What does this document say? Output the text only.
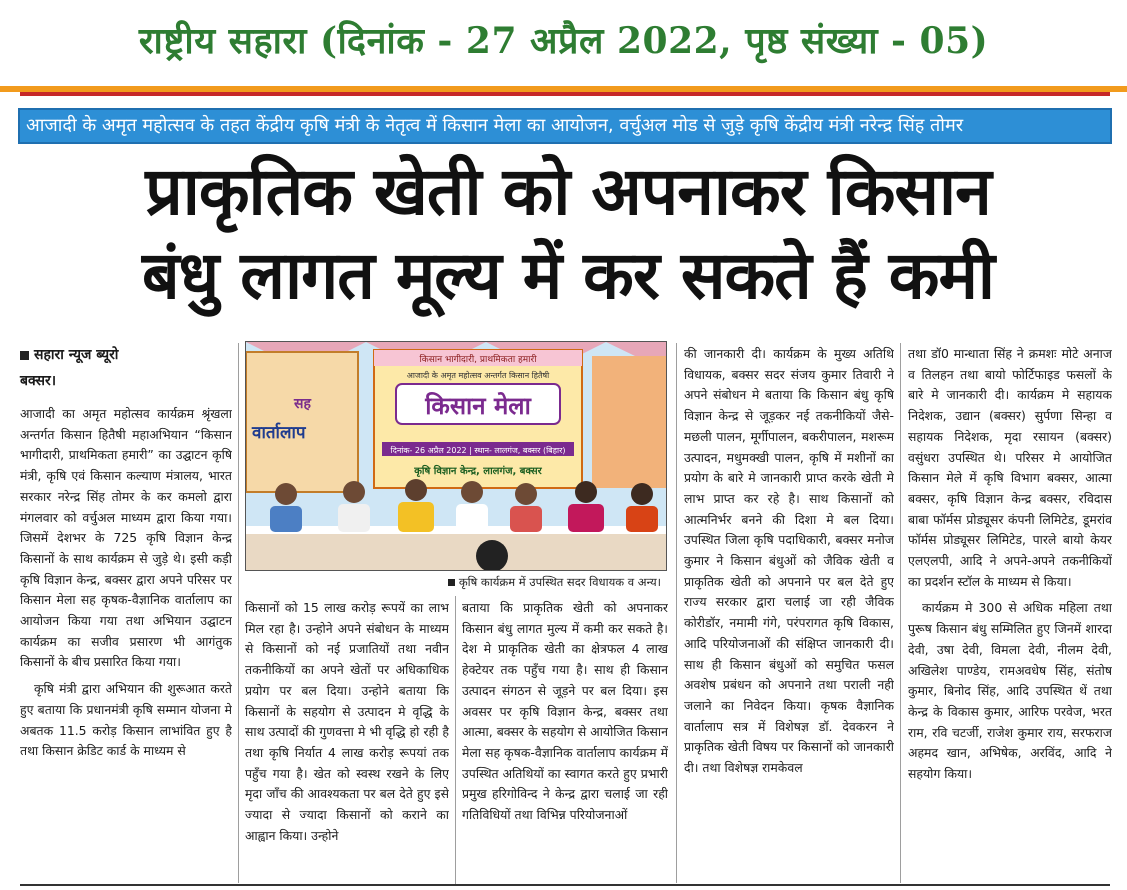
राष्ट्रीय सहारा (दिनांक - 27 अप्रैल 2022, पृष्ठ संख्या - 05)
आजादी के अमृत महोत्सव के तहत केंद्रीय कृषि मंत्री के नेतृत्व में किसान मेला का आयोजन, वर्चुअल मोड से जुड़े कृषि केंद्रीय मंत्री नरेन्द्र सिंह तोमर
प्राकृतिक खेती को अपनाकर किसान
बंधु लागत मूल्य में कर सकते हैं कमी
सहारा न्यूज ब्यूरो
बक्सर।

आजादी का अमृत महोत्सव कार्यक्रम श्रृंखला अन्तर्गत किसान हितैषी महाअभियान “किसान भागीदारी, प्राथमिकता हमारी” का उद्घाटन कृषि मंत्री, कृषि एवं किसान कल्याण मंत्रालय, भारत सरकार नरेन्द्र सिंह तोमर के कर कमलो द्वारा मंगलवार को वर्चुअल माध्यम द्वारा किया गया। जिसमें देशभर के 725 कृषि विज्ञान केन्द्र किसानों के साथ कार्यक्रम से जुड़े थे। इसी कड़ी कृषि विज्ञान केन्द्र, बक्सर द्वारा अपने परिसर पर किसान मेला सह कृषक-वैज्ञानिक वार्तालाप का आयोजन किया गया तथा अभियान उद्घाटन कार्यक्रम का सजीव प्रसारण भी आगंतुक किसानों के बीच प्रसारित किया गया।

कृषि मंत्री द्वारा अभियान की शुरूआत करते हुए बताया कि प्रधानमंत्री कृषि सम्मान योजना मे अबतक 11.5 करोड़ किसान लाभांवित हुए है तथा किसान क्रेडिट कार्ड के माध्यम से

सह
वार्तालाप
किसान भागीदारी, प्राथमिकता हमारी
आजादी के अमृत महोत्सव अन्तर्गत किसान हितैषी
किसान मेला
दिनांक- 26 अप्रैल 2022 | स्थान- लालगंज, बक्सर (बिहार)
कृषि विज्ञान केन्द्र, लालगंज, बक्सर
कृषि कार्यक्रम में उपस्थित सदर विधायक व अन्य।

किसानों को 15 लाख करोड़ रूपयें का लाभ मिल रहा है। उन्होने अपने संबोधन के माध्यम से किसानों को नई प्रजातियों तथा नवीन तकनीकियों का अपने खेतों पर अधिकाधिक प्रयोग पर बल दिया। उन्होने बताया कि किसानों के सहयोग से उत्पादन मे वृद्धि के साथ उत्पादों की गुणवत्ता मे भी वृद्धि हो रही है तथा कृषि निर्यात 4 लाख करोड़ रूपयां तक पहुँच गया है। खेत को स्वस्थ रखने के लिए मृदा जाँच की आवश्यकता पर बल देते हुए इसे ज्यादा से ज्यादा किसानों को कराने का आह्वान किया। उन्होने

बताया कि प्राकृतिक खेती को अपनाकर किसान बंधु लागत मुल्य में कमी कर सकते है। देश मे प्राकृतिक खेती का क्षेत्रफल 4 लाख हेक्टेयर तक पहुँच गया है। साथ ही किसान उत्पादन संगठन से जूड़ने पर बल दिया। इस अवसर पर कृषि विज्ञान केन्द्र, बक्सर तथा आत्मा, बक्सर के सहयोग से आयोजित किसान मेला सह कृषक-वैज्ञानिक वार्तालाप कार्यक्रम में उपस्थित अतिथियों का स्वागत करते हुए प्रभारी प्रमुख हरिगोविन्द ने केन्द्र द्वारा चलाई जा रही गतिविधियों तथा विभिन्न परियोजनाओं

की जानकारी दी। कार्यक्रम के मुख्य अतिथि विधायक, बक्सर सदर संजय कुमार तिवारी ने अपने संबोधन मे बताया कि किसान बंधु कृषि विज्ञान केन्द्र से जूड़कर नई तकनीकियों जैसे-मछली पालन, मूर्गीपालन, बकरीपालन, मशरूम उत्पादन, मधुमक्खी पालन, कृषि में मशीनों का प्रयोग के बारे मे जानकारी प्राप्त करके खेती मे लाभ प्राप्त कर रहे है। साथ किसानों को आत्मनिर्भर बनने की दिशा मे बल दिया। उपस्थित जिला कृषि पदाधिकारी, बक्सर मनोज कुमार ने किसान बंधुओं को जैविक खेती व प्राकृतिक खेती को अपनाने पर बल देते हुए राज्य सरकार द्वारा चलाई जा रही जैविक कोरीडॉर, नमामी गंगे, परंपरागत कृषि विकास, आदि परियोजनाओं की संक्षिप्त जानकारी दी। साथ ही किसान बंधुओं को समुचित फसल अवशेष प्रबंधन को अपनाने तथा पराली नही जलाने का निवेदन किया। कृषक वैज्ञानिक वार्तालाप सत्र में विशेषज्ञ डॉ. देवकरन ने प्राकृतिक खेती विषय पर किसानों को जानकारी दी। तथा विशेषज्ञ रामकेवल

तथा डॉ0 मान्धाता सिंह ने क्रमशः मोटे अनाज व तिलहन तथा बायो फोर्टिफाइड फसलों के बारे मे जानकारी दी। कार्यक्रम मे सहायक निदेशक, उद्यान (बक्सर) सुर्पणा सिन्हा व सहायक निदेशक, मृदा रसायन (बक्सर) वसुंधरा उपस्थित थे। परिसर मे आयोजित किसान मेले में कृषि विभाग बक्सर, आत्मा बक्सर, कृषि विज्ञान केन्द्र बक्सर, रविदास बाबा फॉर्मस प्रोड्यूसर कंपनी लिमिटेड, डूमरांव फॉर्मस प्रोड्यूसर लिमिटेड, पारले बायो केयर एलएलपी, आदि ने अपने-अपने तकनीकियों का प्रदर्शन स्टॉल के माध्यम से किया।

कार्यक्रम मे 300 से अधिक महिला तथा पुरूष किसान बंधु सम्मिलित हुए जिनमें शारदा देवी, उषा देवी, विमला देवी, नीलम देवी, अखिलेश पाण्डेय, रामअवधेष सिंह, संतोष कुमार, बिनोद सिंह, आदि उपस्थित थें तथा केन्द्र के विकास कुमार, आरिफ परवेज, भरत राम, रवि चटर्जी, राजेश कुमार राय, सरफराज अहमद खान, अभिषेक, अरविंद, आदि ने सहयोग किया।
